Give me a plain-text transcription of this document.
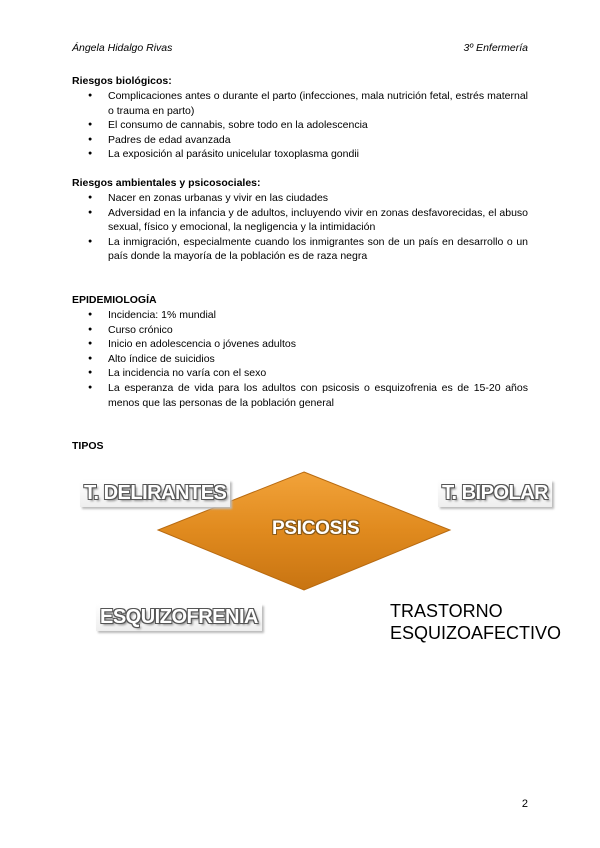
Ángela Hidalgo Rivas	3º Enfermería
Riesgos biológicos:
● Complicaciones antes o durante el parto (infecciones, mala nutrición fetal, estrés maternal o trauma en parto)
● El consumo de cannabis, sobre todo en la adolescencia
● Padres de edad avanzada
● La exposición al parásito unicelular toxoplasma gondii
Riesgos ambientales y psicosociales:
● Nacer en zonas urbanas y vivir en las ciudades
● Adversidad en la infancia y de adultos, incluyendo vivir en zonas desfavorecidas, el abuso sexual, físico y emocional, la negligencia y la intimidación
● La inmigración, especialmente cuando los inmigrantes son de un país en desarrollo o un país donde la mayoría de la población es de raza negra
EPIDEMIOLOGÍA
● Incidencia: 1% mundial
● Curso crónico
● Inicio en adolescencia o jóvenes adultos
● Alto índice de suicidios
● La incidencia no varía con el sexo
● La esperanza de vida para los adultos con psicosis o esquizofrenia es de 15-20 años menos que las personas de la población general
TIPOS
PSICOSIS
T. DELIRANTES	T. BIPOLAR
ESQUIZOFRENIA	TRASTORNO
ESQUIZOAFECTIVO
2
